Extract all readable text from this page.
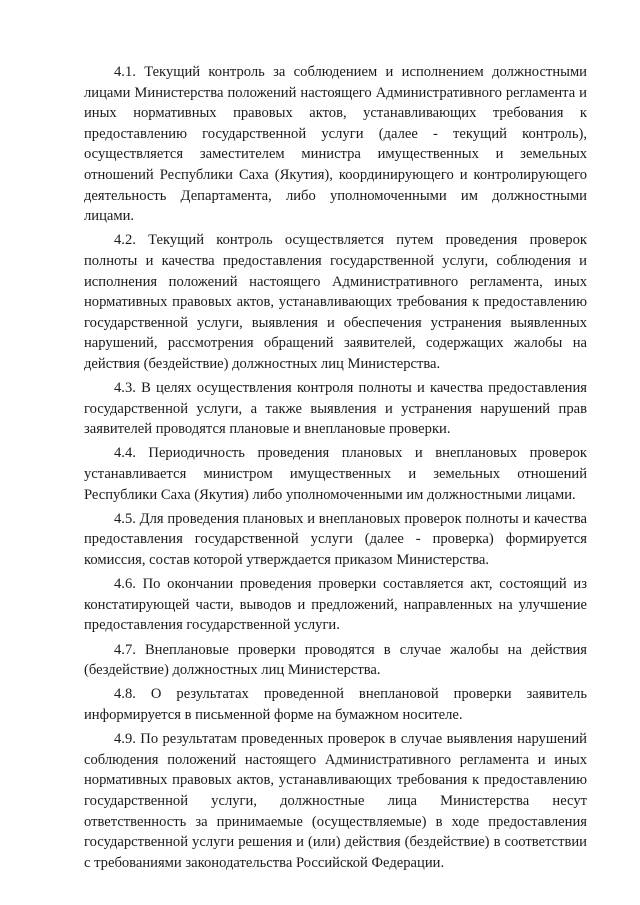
4.1. Текущий контроль за соблюдением и исполнением должностными лицами Министерства положений настоящего Административного регламента и иных нормативных правовых актов, устанавливающих требования к предоставлению государственной услуги (далее - текущий контроль), осуществляется заместителем министра имущественных и земельных отношений Республики Саха (Якутия), координирующего и контролирующего деятельность Департамента, либо уполномоченными им должностными лицами.

4.2. Текущий контроль осуществляется путем проведения проверок полноты и качества предоставления государственной услуги, соблюдения и исполнения положений настоящего Административного регламента, иных нормативных правовых актов, устанавливающих требования к предоставлению государственной услуги, выявления и обеспечения устранения выявленных нарушений, рассмотрения обращений заявителей, содержащих жалобы на действия (бездействие) должностных лиц Министерства.

4.3. В целях осуществления контроля полноты и качества предоставления государственной услуги, а также выявления и устранения нарушений прав заявителей проводятся плановые и внеплановые проверки.

4.4. Периодичность проведения плановых и внеплановых проверок устанавливается министром имущественных и земельных отношений Республики Саха (Якутия) либо уполномоченными им должностными лицами.

4.5. Для проведения плановых и внеплановых проверок полноты и качества предоставления государственной услуги (далее - проверка) формируется комиссия, состав которой утверждается приказом Министерства.

4.6. По окончании проведения проверки составляется акт, состоящий из констатирующей части, выводов и предложений, направленных на улучшение предоставления государственной услуги.

4.7. Внеплановые проверки проводятся в случае жалобы на действия (бездействие) должностных лиц Министерства.

4.8. О результатах проведенной внеплановой проверки заявитель информируется в письменной форме на бумажном носителе.

4.9. По результатам проведенных проверок в случае выявления нарушений соблюдения положений настоящего Административного регламента и иных нормативных правовых актов, устанавливающих требования к предоставлению государственной услуги, должностные лица Министерства несут ответственность за принимаемые (осуществляемые) в ходе предоставления государственной услуги решения и (или) действия (бездействие) в соответствии с требованиями законодательства Российской Федерации.
